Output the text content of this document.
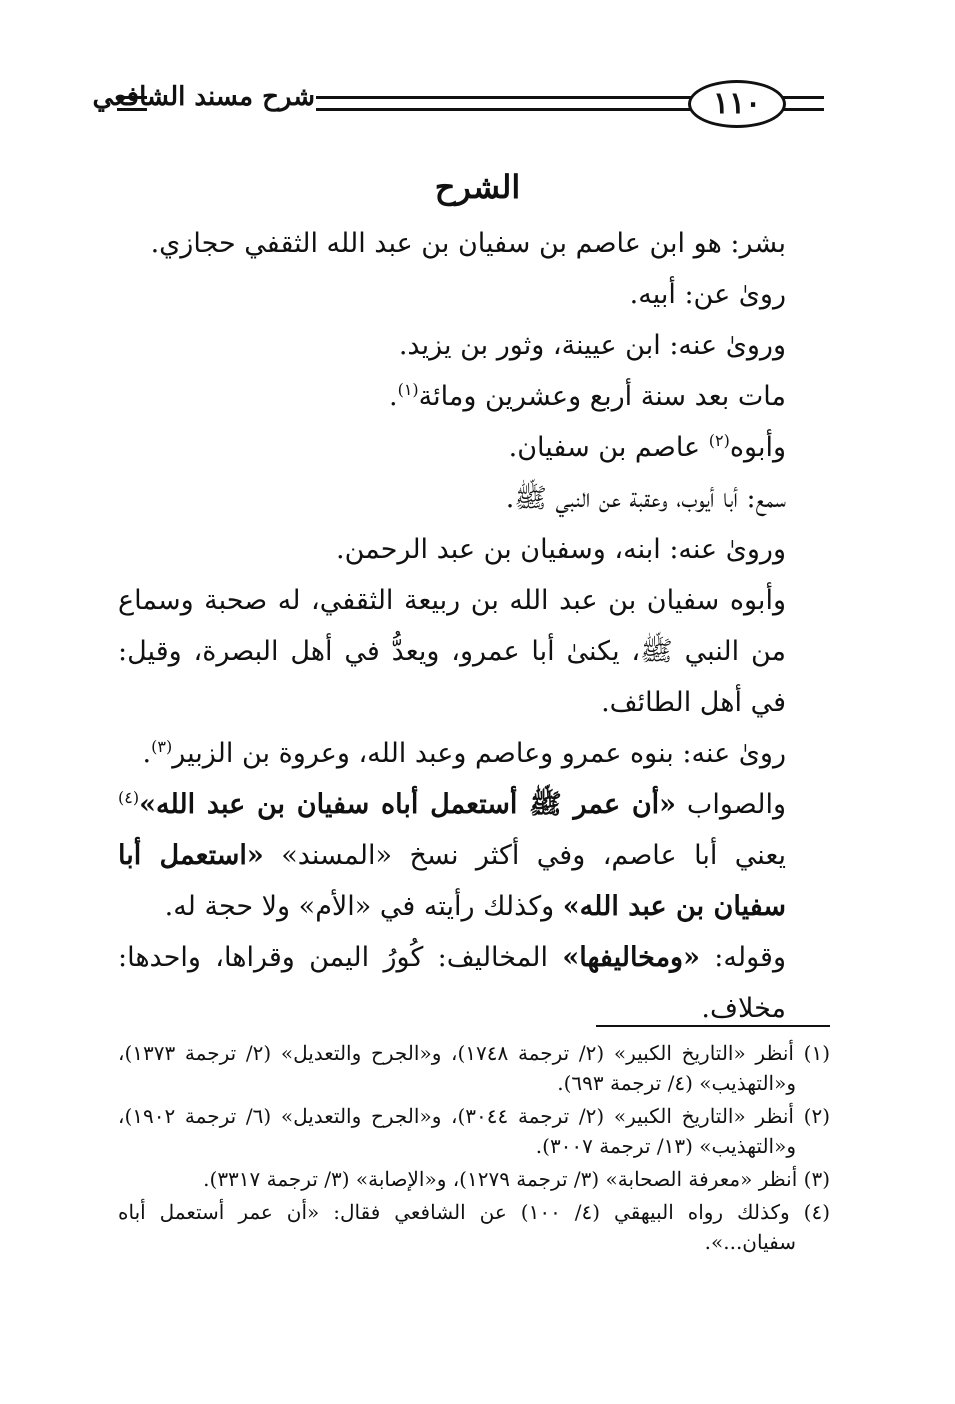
١١٠
شرح مسند الشافعي
الشرح

بشر: هو ابن عاصم بن سفيان بن عبد الله الثقفي حجازي.

روىٰ عن: أبيه.

وروىٰ عنه: ابن عيينة، وثور بن يزيد.

مات بعد سنة أربع وعشرين ومائة$^{(١)}$.

وأبوه$^{(٢)}$ عاصم بن سفيان.

سمع: أبا أيوب، وعقبة عن النبي ﷺ.

وروىٰ عنه: ابنه، وسفيان بن عبد الرحمن.

وأبوه سفيان بن عبد الله بن ربيعة الثقفي، له صحبة وسماع من النبي ﷺ، يكنىٰ أبا عمرو، ويعدُّ في أهل البصرة، وقيل: في أهل الطائف.

روىٰ عنه: بنوه عمرو وعاصم وعبد الله، وعروة بن الزبير$^{(٣)}$.

والصواب «أن عمر ﷺ أستعمل أباه سفيان بن عبد الله»$^{(٤)}$ يعني أبا عاصم، وفي أكثر نسخ «المسند» «استعمل أبا سفيان بن عبد الله» وكذلك رأيته في «الأم» ولا حجة له.

وقوله: «ومخاليفها» المخاليف: كُورُ اليمن وقراها، واحدها: مخلاف.

(١) أنظر «التاريخ الكبير» (٢/ ترجمة ١٧٤٨)، و«الجرح والتعديل» (٢/ ترجمة ١٣٧٣)، و«التهذيب» (٤/ ترجمة ٦٩٣).

(٢) أنظر «التاريخ الكبير» (٢/ ترجمة ٣٠٤٤)، و«الجرح والتعديل» (٦/ ترجمة ١٩٠٢)، و«التهذيب» (١٣/ ترجمة ٣٠٠٧).

(٣) أنظر «معرفة الصحابة» (٣/ ترجمة ١٢٧٩)، و«الإصابة» (٣/ ترجمة ٣٣١٧).

(٤) وكذلك رواه البيهقي (٤/ ١٠٠) عن الشافعي فقال: «أن عمر أستعمل أباه سفيان...».
